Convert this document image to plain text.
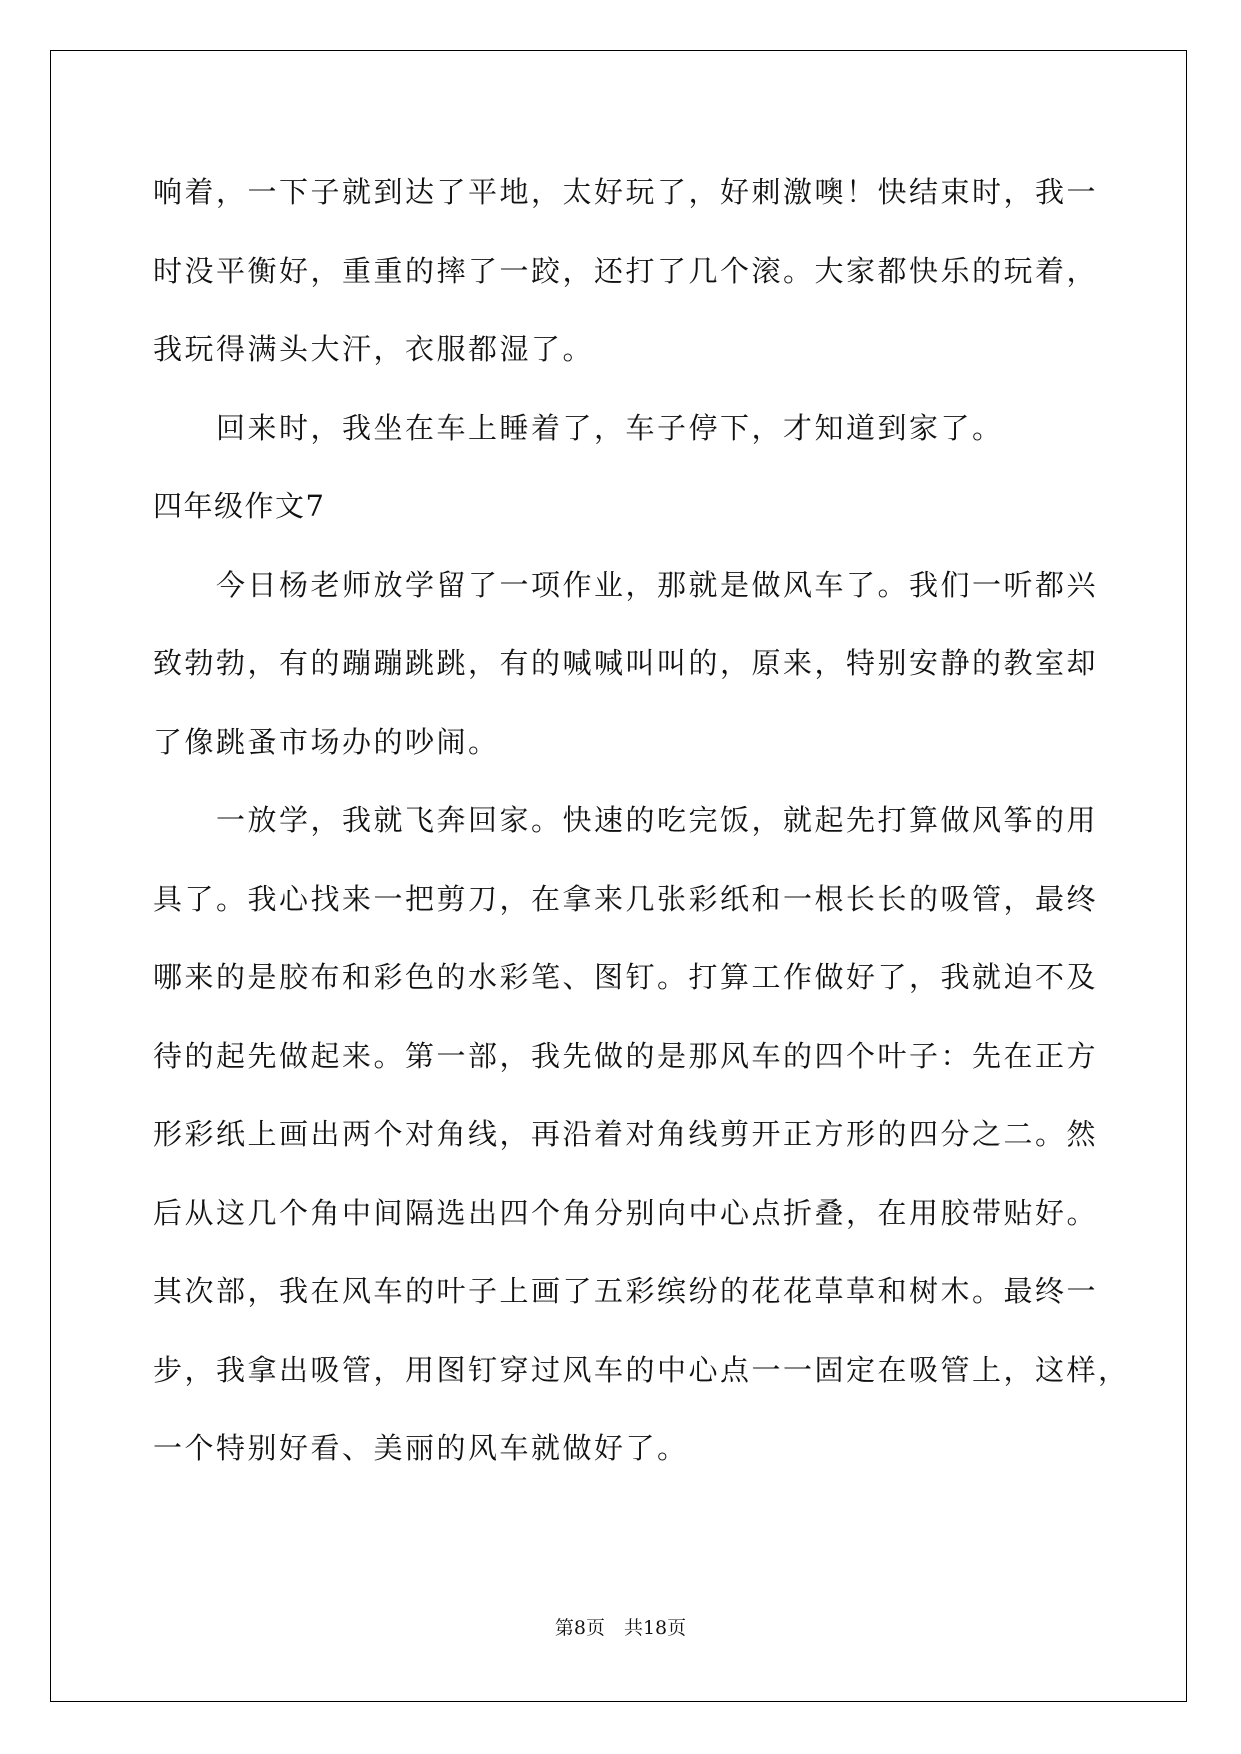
响着，一下子就到达了平地，太好玩了，好刺激噢！快结束时，我一

时没平衡好，重重的摔了一跤，还打了几个滚。大家都快乐的玩着，

我玩得满头大汗，衣服都湿了。

　　回来时，我坐在车上睡着了，车子停下，才知道到家了。

四年级作文7

　　今日杨老师放学留了一项作业，那就是做风车了。我们一听都兴

致勃勃，有的蹦蹦跳跳，有的喊喊叫叫的，原来，特别安静的教室却

了像跳蚤市场办的吵闹。

　　一放学，我就飞奔回家。快速的吃完饭，就起先打算做风筝的用

具了。我心找来一把剪刀，在拿来几张彩纸和一根长长的吸管，最终

哪来的是胶布和彩色的水彩笔、图钉。打算工作做好了，我就迫不及

待的起先做起来。第一部，我先做的是那风车的四个叶子：先在正方

形彩纸上画出两个对角线，再沿着对角线剪开正方形的四分之二。然

后从这几个角中间隔选出四个角分别向中心点折叠，在用胶带贴好。

其次部，我在风车的叶子上画了五彩缤纷的花花草草和树木。最终一

步，我拿出吸管，用图钉穿过风车的中心点一一固定在吸管上，这样，

一个特别好看、美丽的风车就做好了。

第8页　共18页
